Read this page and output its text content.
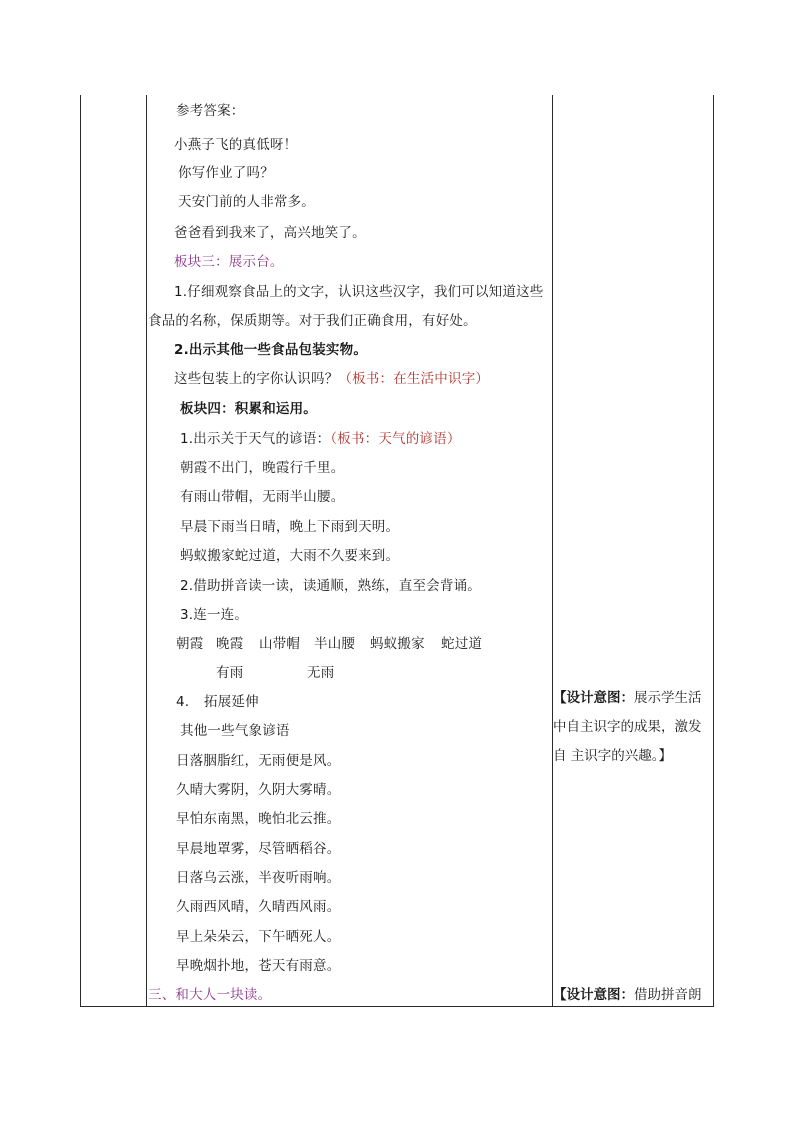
参考答案：
小燕子飞的真低呀！
你写作业了吗？
天安门前的人非常多。
爸爸看到我来了，高兴地笑了。
板块三：展示台。
1.仔细观察食品上的文字，认识这些汉字，我们可以知道这些
食品的名称，保质期等。对于我们正确食用，有好处。
2.出示其他一些食品包装实物。
这些包装上的字你认识吗？（板书：在生活中识字）
板块四：积累和运用。
1.出示关于天气的谚语：（板书：天气的谚语）
朝霞不出门，晚霞行千里。
有雨山带帽，无雨半山腰。
早晨下雨当日晴，晚上下雨到天明。
蚂蚁搬家蛇过道，大雨不久要来到。
2.借助拼音读一读，读通顺，熟练，直至会背诵。
3.连一连。
朝霞 晚霞 山带帽 半山腰 蚂蚁搬家 蛇过道
有雨	无雨
4. 拓展延伸
其他一些气象谚语
日落胭脂红，无雨便是风。
久晴大雾阴，久阴大雾晴。
早怕东南黑，晚怕北云推。
早晨地罩雾，尽管晒稻谷。
日落乌云涨，半夜听雨响。
久雨西风晴，久晴西风雨。
早上朵朵云，下午晒死人。
早晚烟扑地，苍天有雨意。
三、和大人一块读。
【设计意图：展示学生活
中自主识字的成果，激发
自 主识字的兴趣。】
【设计意图：借助拼音朗
